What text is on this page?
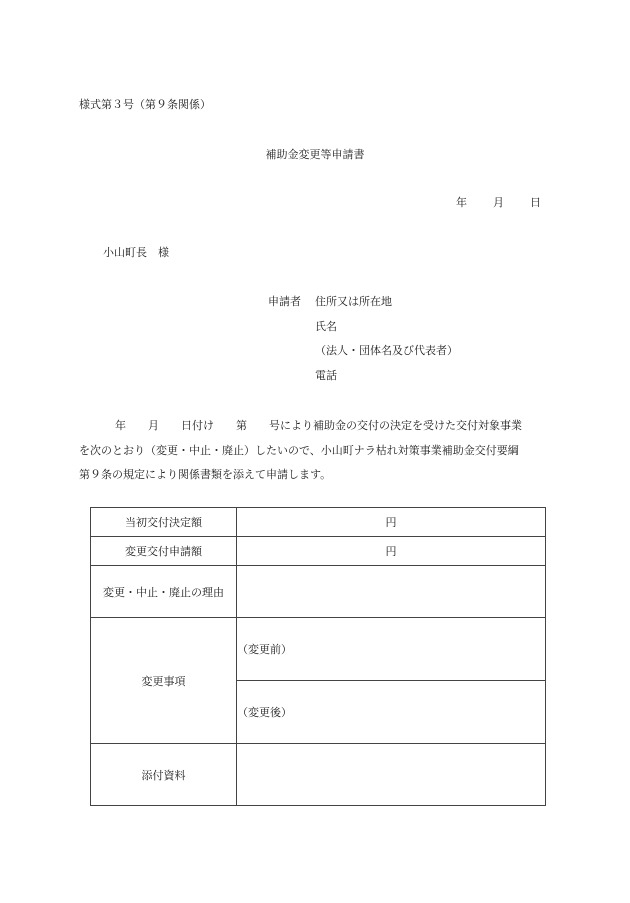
様式第３号（第９条関係）
補助金変更等申請書
年 月 日
小山町長　様
申請者 住所又は所在地
氏名
（法人・団体名及び代表者）
電話
年　　月　　日付け　　第　　号により補助金の交付の決定を受けた交付対象事業
を次のとおり（変更・中止・廃止）したいので、小山町ナラ枯れ対策事業補助金交付要綱
第９条の規定により関係書類を添えて申請します。
当初交付決定額	円
変更交付申請額	円
変更・中止・廃止の理由	
変更事項	（変更前）
	（変更後）
添付資料	
